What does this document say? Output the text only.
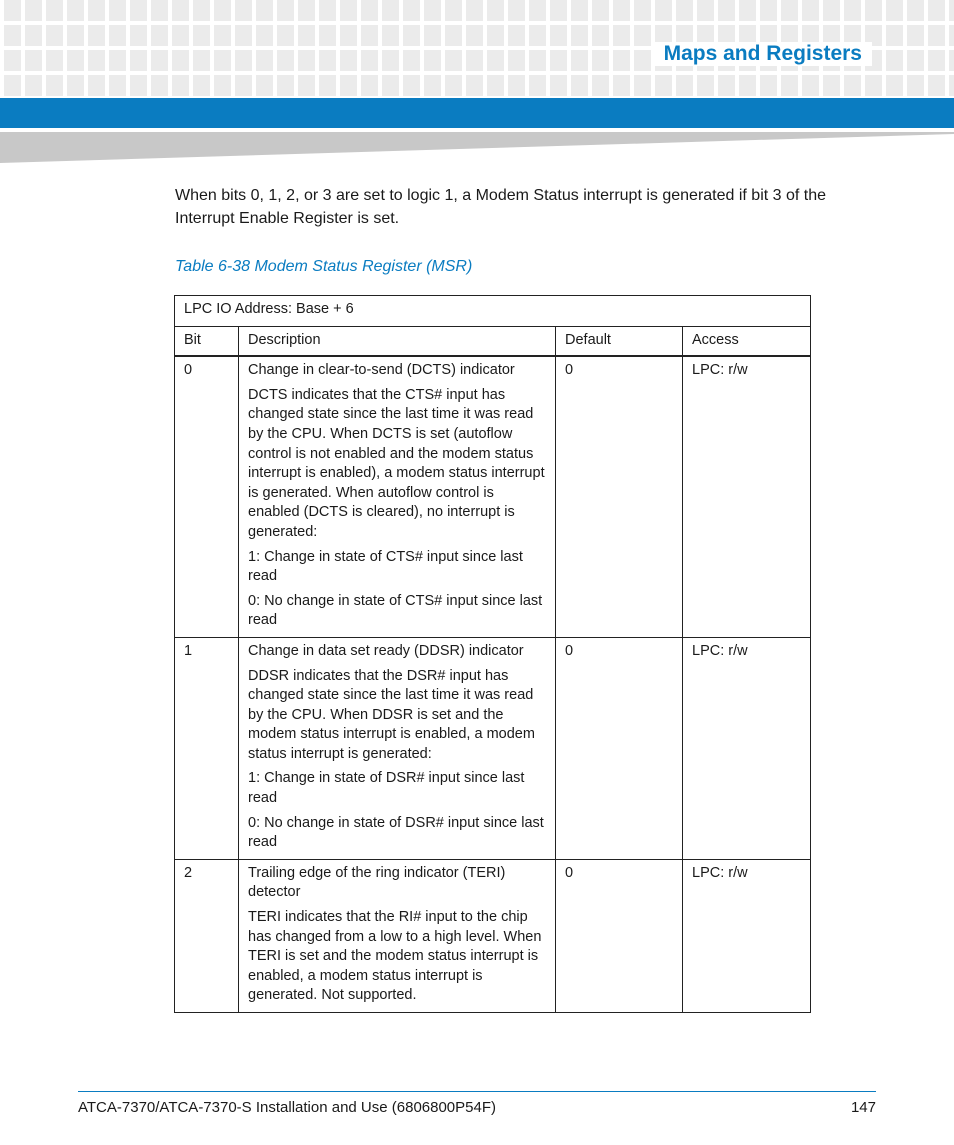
Maps and Registers

When bits 0, 1, 2, or 3 are set to logic 1, a Modem Status interrupt is generated if bit 3 of the Interrupt Enable Register is set.

Table 6-38 Modem Status Register (MSR)

LPC IO Address: Base + 6			
Bit	Description	Default	Access
0	Change in clear-to-send (DCTS) indicator
DCTS indicates that the CTS# input has changed state since the last time it was read by the CPU. When DCTS is set (autoflow control is not enabled and the modem status interrupt is enabled), a modem status interrupt is generated. When autoflow control is enabled (DCTS is cleared), no interrupt is generated:
1: Change in state of CTS# input since last read
0: No change in state of CTS# input since last read	0	LPC: r/w
1	Change in data set ready (DDSR) indicator
DDSR indicates that the DSR# input has changed state since the last time it was read by the CPU. When DDSR is set and the modem status interrupt is enabled, a modem status interrupt is generated:
1: Change in state of DSR# input since last read
0: No change in state of DSR# input since last read	0	LPC: r/w
2	Trailing edge of the ring indicator (TERI) detector
TERI indicates that the RI# input to the chip has changed from a low to a high level. When TERI is set and the modem status interrupt is enabled, a modem status interrupt is generated. Not supported.	0	LPC: r/w
ATCA-7370/ATCA-7370-S Installation and Use (6806800P54F)	147
